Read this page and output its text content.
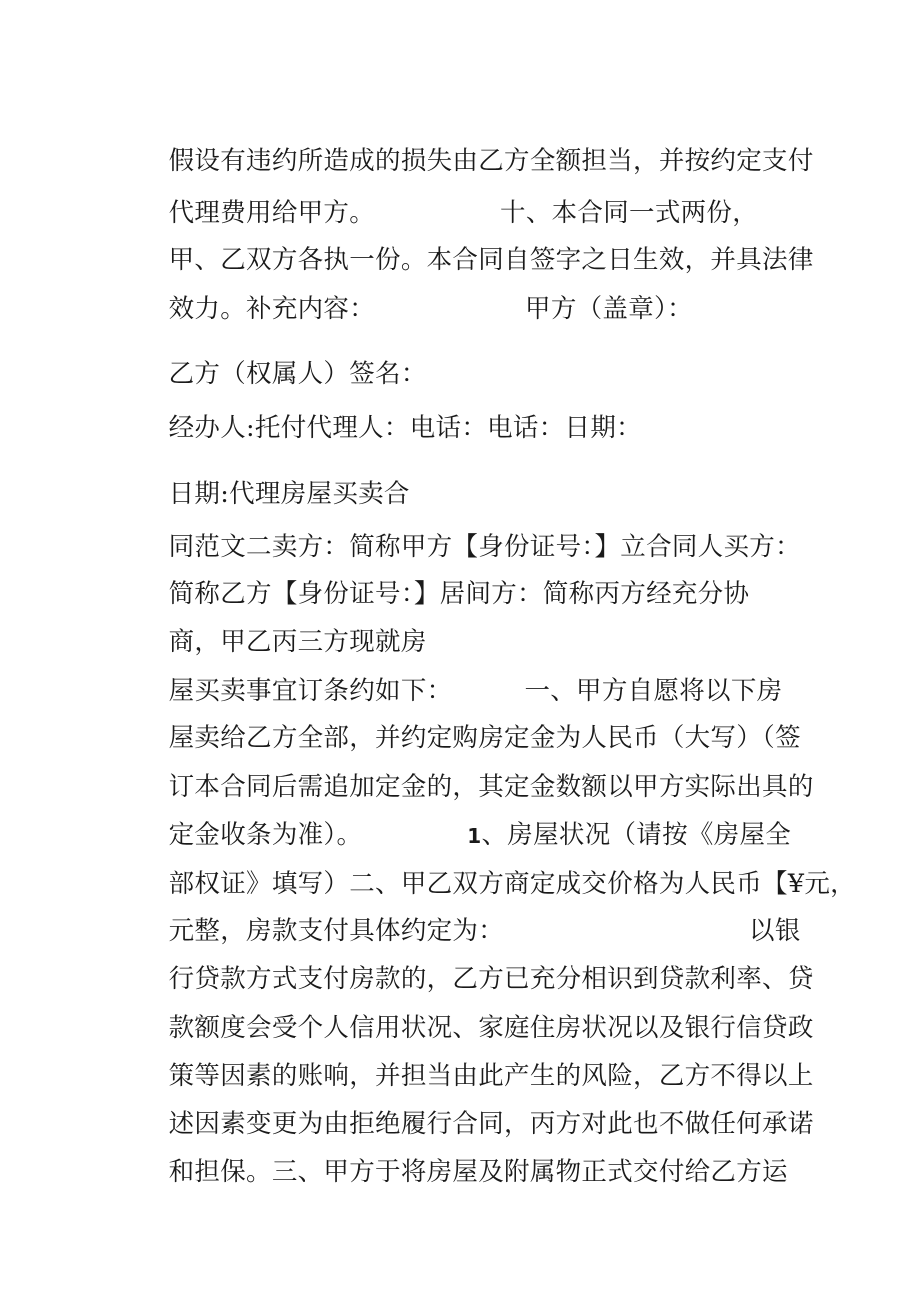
假设有违约所造成的损失由乙方全额担当，并按约定支付

代理费用给甲方。	十、本合同一式两份，

甲、乙双方各执一份。本合同自签字之日生效，并具法律

效力。补充内容：	甲方（盖章）：

乙方（权属人）签名：

经办人:托付代理人：电话：电话：日期：

日期:代理房屋买卖合

同范文二卖方：简称甲方【身份证号：】立合同人买方：

简称乙方【身份证号：】居间方：简称丙方经充分协

商，甲乙丙三方现就房

屋买卖事宜订条约如下：	一、甲方自愿将以下房

屋卖给乙方全部，并约定购房定金为人民币（大写）（签

订本合同后需追加定金的，其定金数额以甲方实际出具的

定金收条为准）。	1、房屋状况（请按《房屋全

部权证》填写）二、甲乙双方商定成交价格为人民币【¥元，

元整，房款支付具体约定为：	以银

行贷款方式支付房款的，乙方已充分相识到贷款利率、贷

款额度会受个人信用状况、家庭住房状况以及银行信贷政

策等因素的账响，并担当由此产生的风险，乙方不得以上

述因素变更为由拒绝履行合同，丙方对此也不做任何承诺

和担保。三、甲方于将房屋及附属物正式交付给乙方运
